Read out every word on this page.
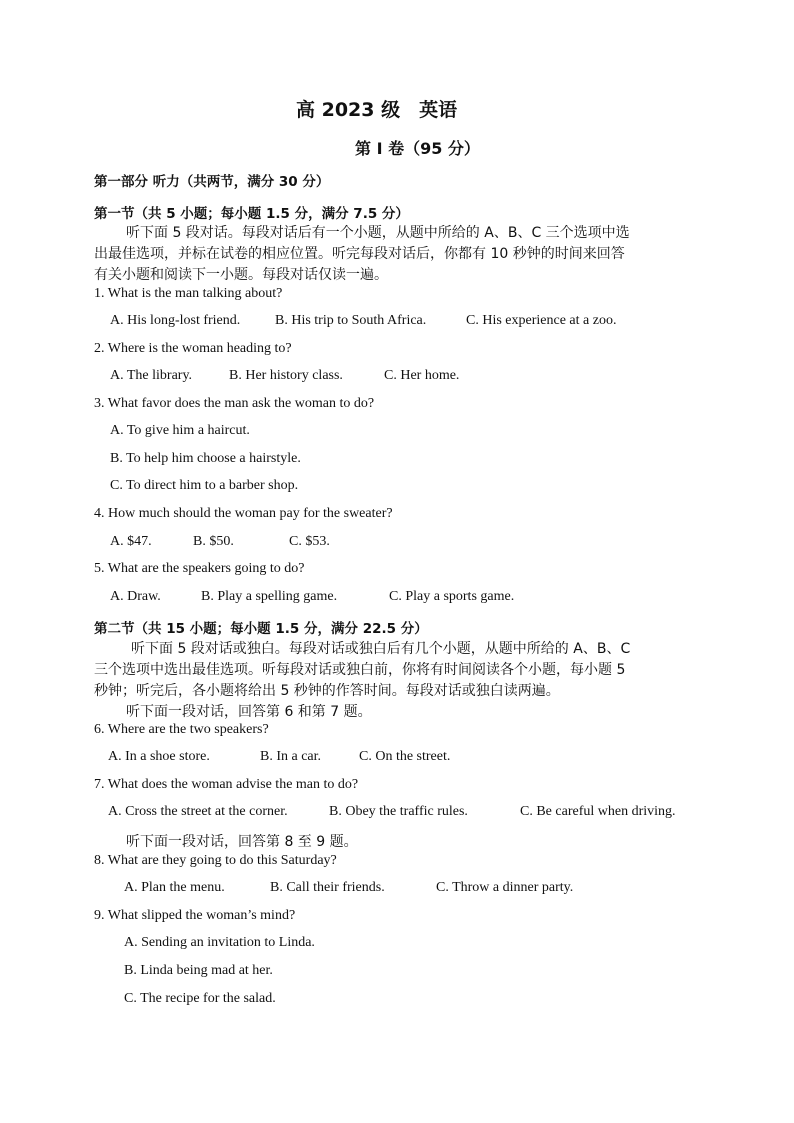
高 2023 级　英语
第 I 卷（95 分）
第一部分 听力（共两节，满分 30 分）
第一节（共 5 小题；每小题 1.5 分，满分 7.5 分）
听下面 5 段对话。每段对话后有一个小题，从题中所给的 A、B、C 三个选项中选
出最佳选项，并标在试卷的相应位置。听完每段对话后，你都有 10 秒钟的时间来回答
有关小题和阅读下一小题。每段对话仅读一遍。
1. What is the man talking about?
A. His long-lost friend. B. His trip to South Africa.	C. His experience at a zoo.
2. Where is the woman heading to?
A. The library.	B. Her history class.	C. Her home.
3. What favor does the man ask the woman to do?
A. To give him a haircut.
B. To help him choose a hairstyle.
C. To direct him to a barber shop.
4. How much should the woman pay for the sweater?
A. $47.	B. $50.	C. $53.
5. What are the speakers going to do?
A. Draw.	B. Play a spelling game.	C. Play a sports game.
第二节（共 15 小题；每小题 1.5 分，满分 22.5 分）
听下面 5 段对话或独白。每段对话或独白后有几个小题，从题中所给的 A、B、C
三个选项中选出最佳选项。听每段对话或独白前，你将有时间阅读各个小题，每小题 5
秒钟；听完后，各小题将给出 5 秒钟的作答时间。每段对话或独白读两遍。
听下面一段对话，回答第 6 和第 7 题。
6. Where are the two speakers?
A. In a shoe store.	B. In a car.	C. On the street.
7. What does the woman advise the man to do?
A. Cross the street at the corner.	B. Obey the traffic rules.	C. Be careful when driving.
听下面一段对话，回答第 8 至 9 题。
8. What are they going to do this Saturday?
A. Plan the menu.	B. Call their friends.	C. Throw a dinner party.
9. What slipped the woman’s mind?
A. Sending an invitation to Linda.
B. Linda being mad at her.
C. The recipe for the salad.
